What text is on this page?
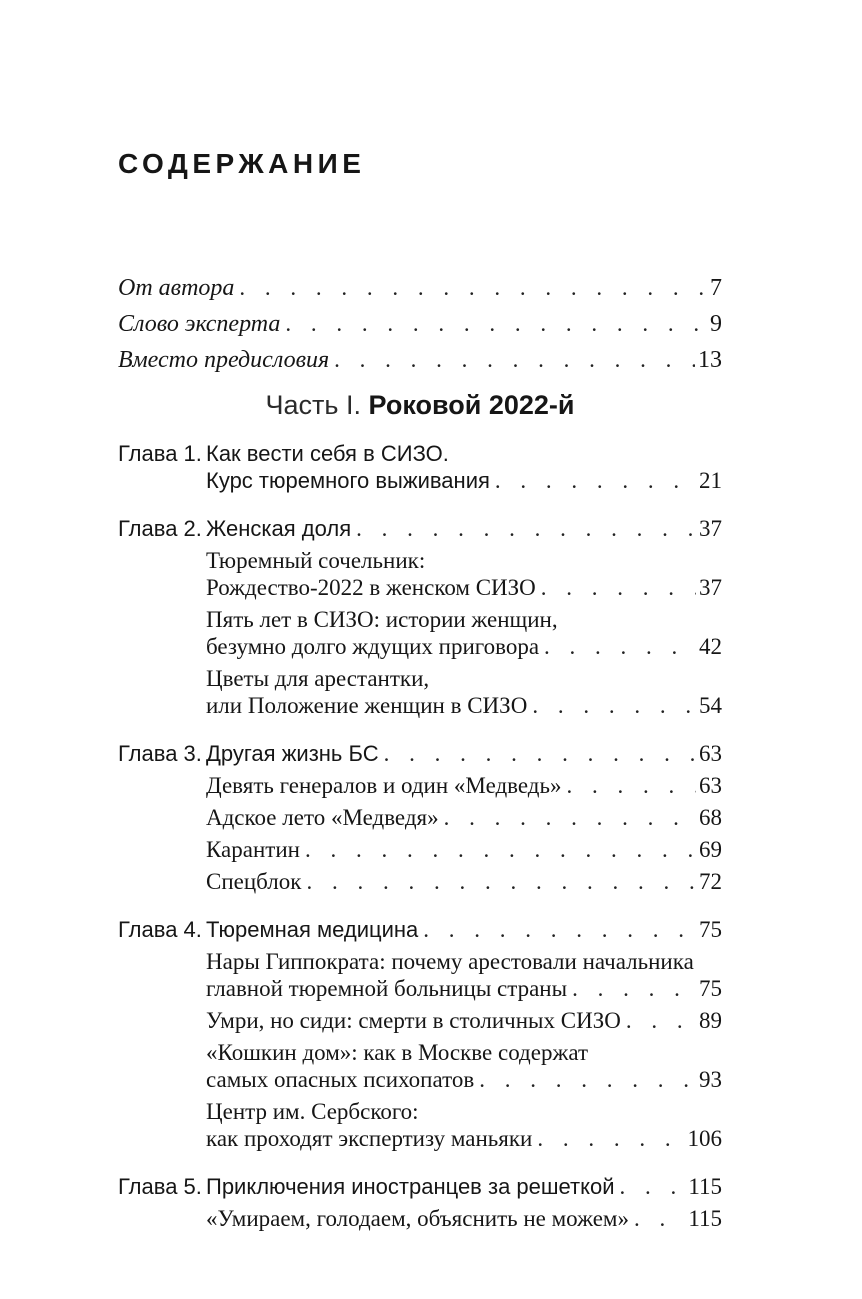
СОДЕРЖАНИЕ
От автора . . .	7
Слово эксперта . . .	9
Вместо предисловия . . .	13
Часть I. Роковой 2022-й
Глава 1. Как вести себя в СИЗО.
Курс тюремного выживания . . .	21
Глава 2. Женская доля . . .	37
Тюремный сочельник:
Рождество-2022 в женском СИЗО . . .	37
Пять лет в СИЗО: истории женщин,
безумно долго ждущих приговора . . .	42
Цветы для арестантки,
или Положение женщин в СИЗО . . .	54
Глава 3. Другая жизнь БС . . .	63
Девять генералов и один «Медведь» . . .	63
Адское лето «Медведя» . . .	68
Карантин . . .	69
Спецблок . . .	72
Глава 4. Тюремная медицина . . .	75
Нары Гиппократа: почему арестовали начальника
главной тюремной больницы страны . . .	75
Умри, но сиди: смерти в столичных СИЗО . . .	89
«Кошкин дом»: как в Москве содержат
самых опасных психопатов . . .	93
Центр им. Сербского:
как проходят экспертизу маньяки . . .	106
Глава 5. Приключения иностранцев за решеткой . . .	115
«Умираем, голодаем, объяснить не можем» . . .	115
